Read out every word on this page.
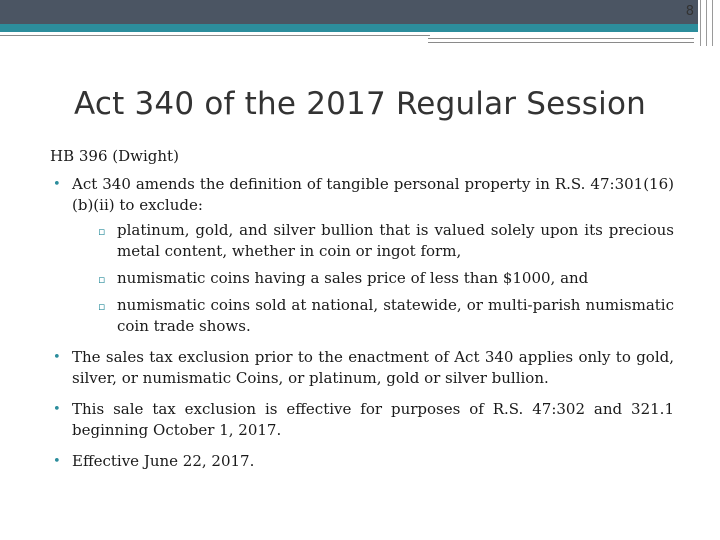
8
Act 340 of the 2017 Regular Session
HB 396 (Dwight)
• Act 340 amends the definition of tangible personal property in R.S. 47:301(16)(b)(ii) to exclude:
▫ platinum, gold, and silver bullion that is valued solely upon its precious metal content, whether in coin or ingot form,
▫ numismatic coins having a sales price of less than $1000, and
▫ numismatic coins sold at national, statewide, or multi-parish numismatic coin trade shows.
• The sales tax exclusion prior to the enactment of Act 340 applies only to gold, silver, or numismatic Coins, or platinum, gold or silver bullion.
• This sale tax exclusion is effective for purposes of R.S. 47:302 and 321.1 beginning October 1, 2017.
• Effective June 22, 2017.
